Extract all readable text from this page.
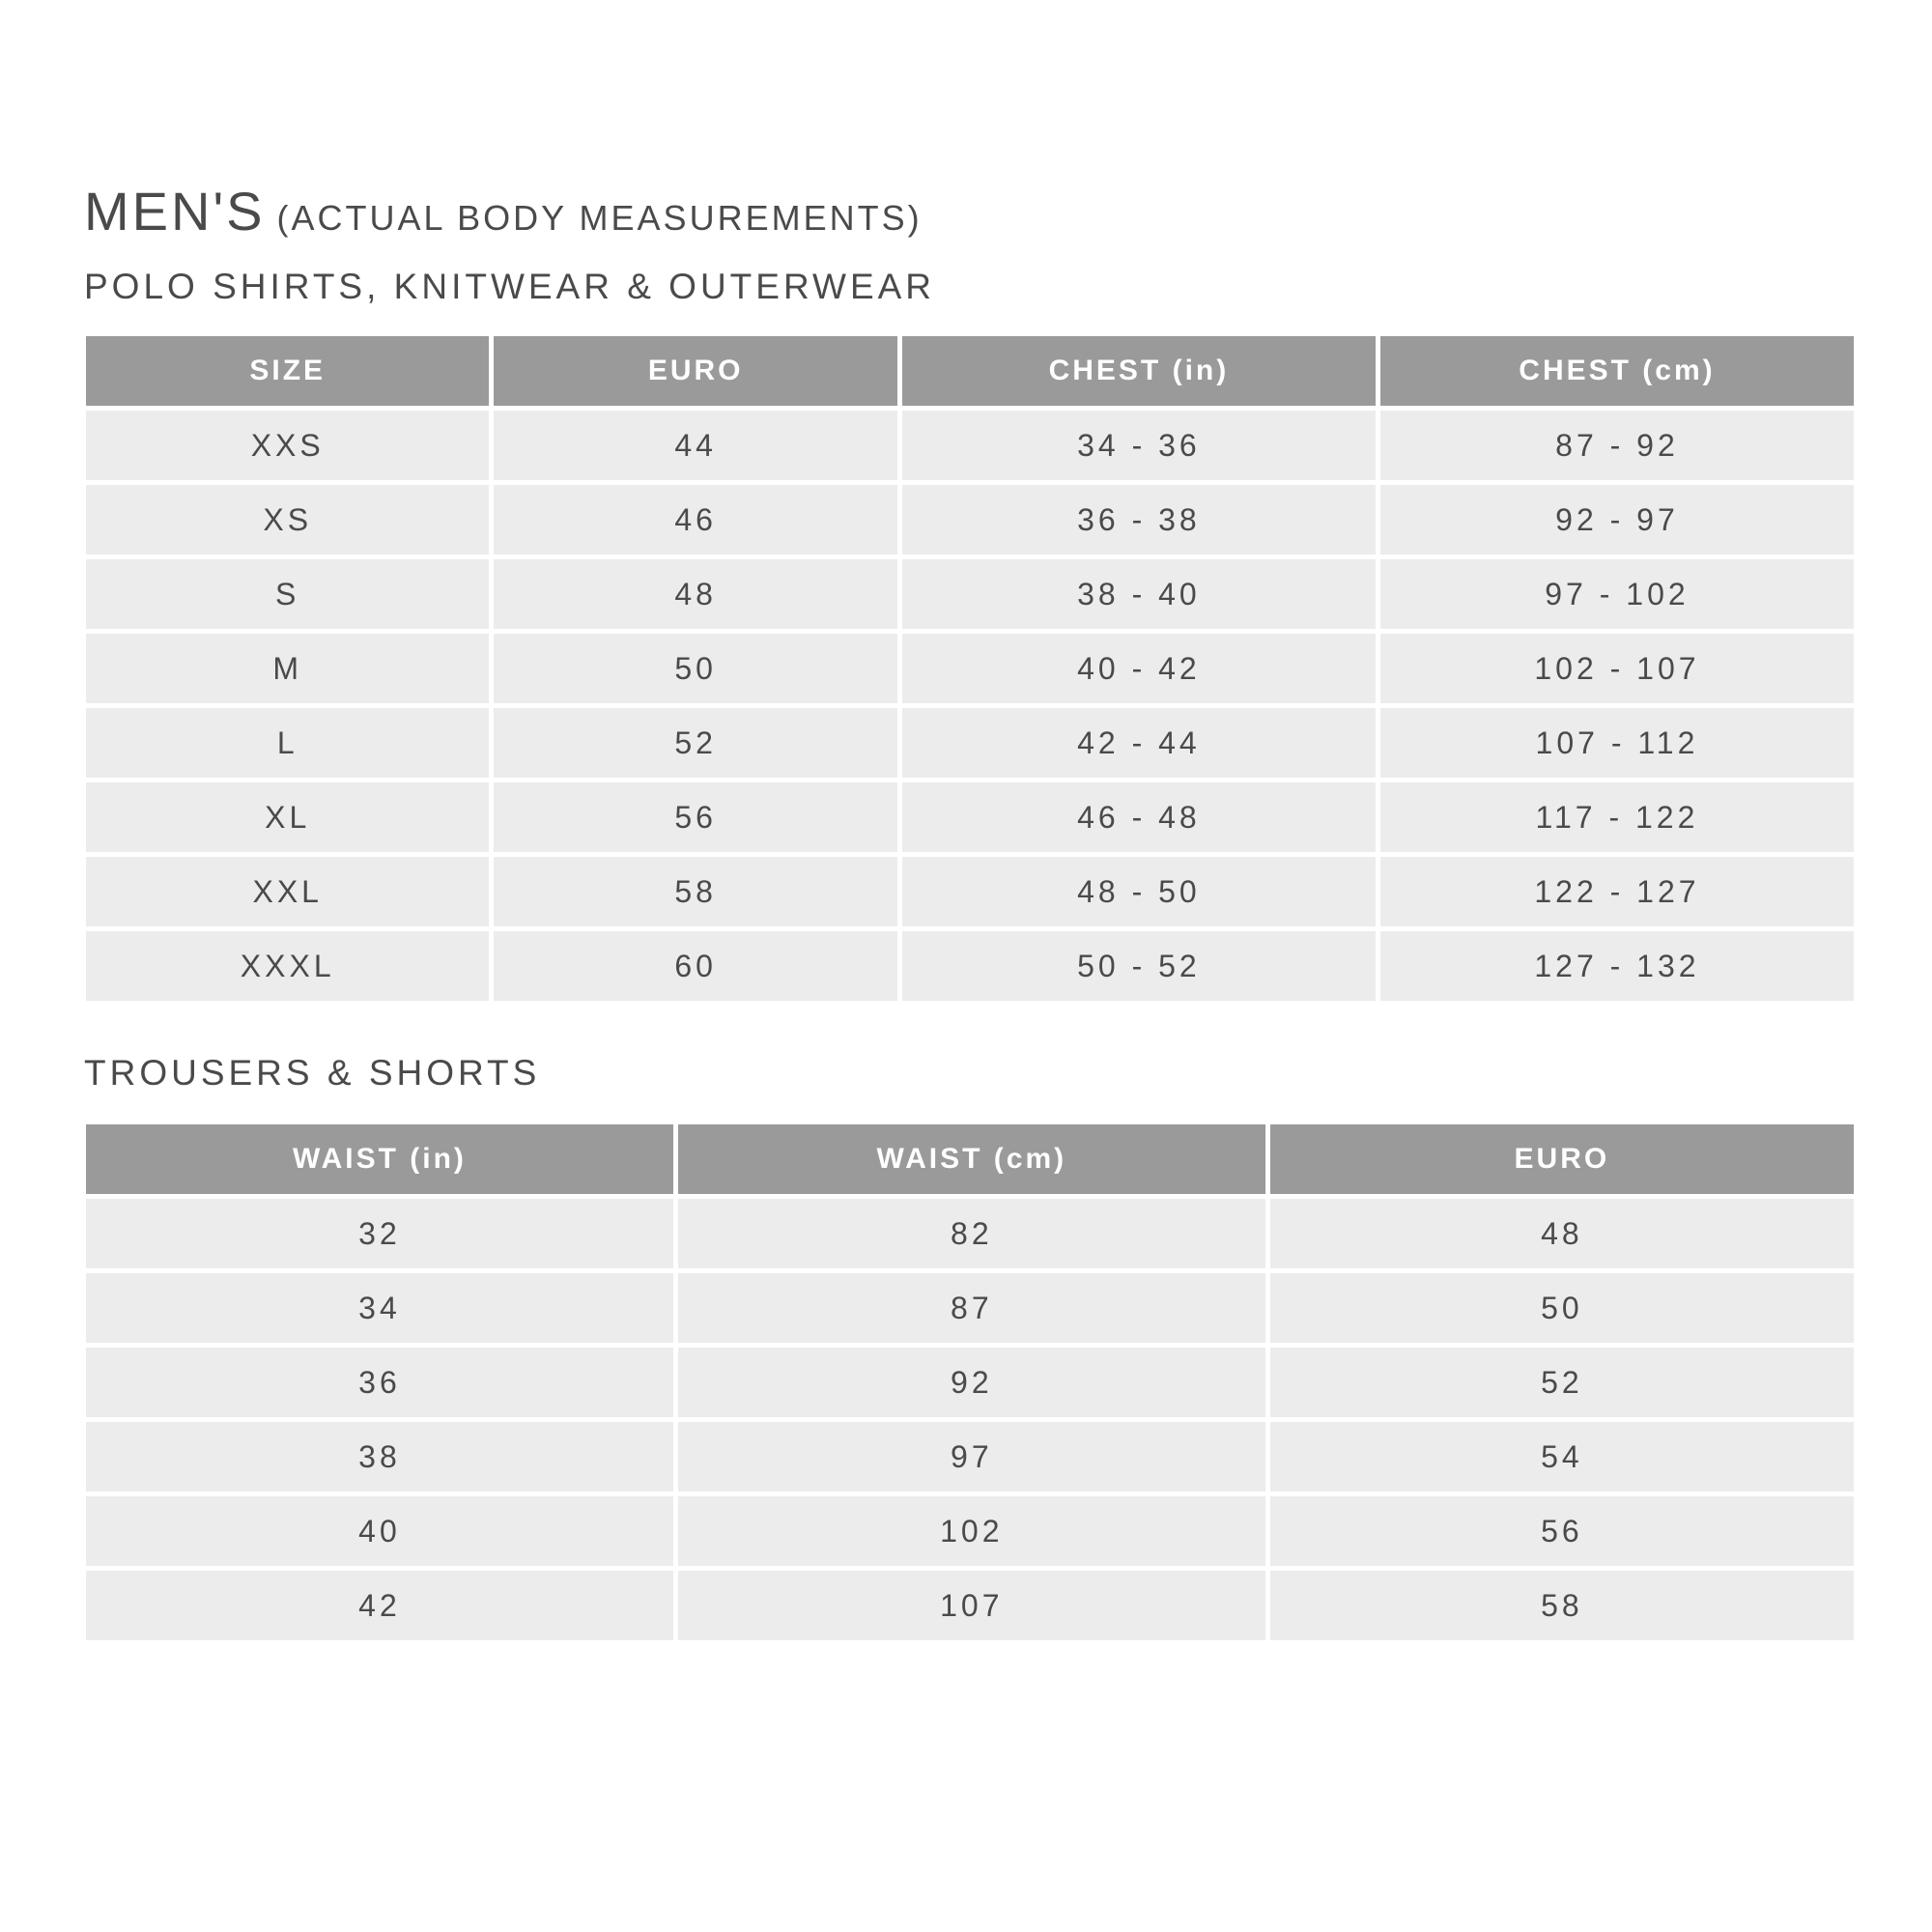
MEN'S (ACTUAL BODY MEASUREMENTS)
POLO SHIRTS, KNITWEAR & OUTERWEAR
SIZE	EURO	CHEST (in)	CHEST (cm)
XXS	44	34 - 36	87 - 92
XS	46	36 - 38	92 - 97
S	48	38 - 40	97 - 102
M	50	40 - 42	102 - 107
L	52	42 - 44	107 - 112
XL	56	46 - 48	117 - 122
XXL	58	48 - 50	122 - 127
XXXL	60	50 - 52	127 - 132
TROUSERS & SHORTS
WAIST (in)	WAIST (cm)	EURO
32	82	48
34	87	50
36	92	52
38	97	54
40	102	56
42	107	58
